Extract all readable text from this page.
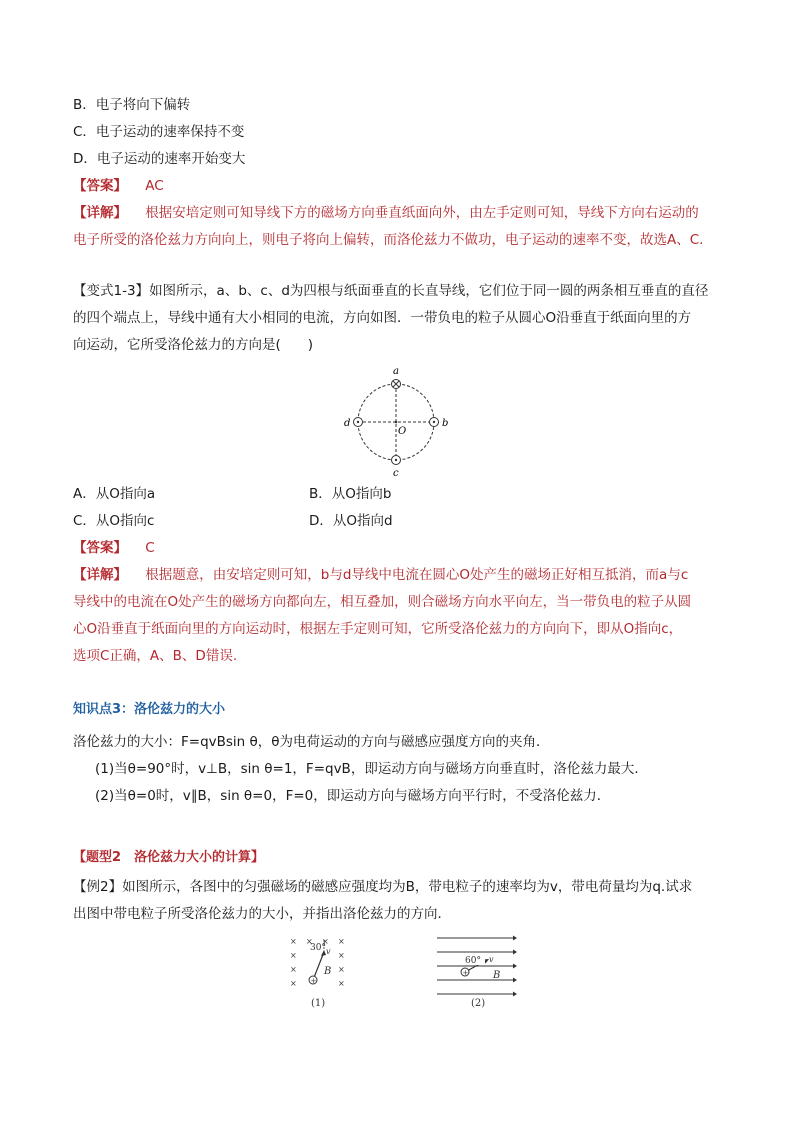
B．电子将向下偏转
C．电子运动的速率保持不变
D．电子运动的速率开始变大
【答案】 AC
【详解】 根据安培定则可知导线下方的磁场方向垂直纸面向外，由左手定则可知，导线下方向右运动的
电子所受的洛伦兹力方向向上，则电子将向上偏转，而洛伦兹力不做功，电子运动的速率不变，故选A、C.
【变式1-3】如图所示，a、b、c、d为四根与纸面垂直的长直导线，它们位于同一圆的两条相互垂直的直径
的四个端点上，导线中通有大小相同的电流，方向如图．一带负电的粒子从圆心O沿垂直于纸面向里的方
向运动，它所受洛伦兹力的方向是(　　)
a
c
d	b
O
A．从O指向a	B．从O指向b
C．从O指向c	D．从O指向d
【答案】 C
【详解】 根据题意，由安培定则可知，b与d导线中电流在圆心O处产生的磁场正好相互抵消，而a与c
导线中的电流在O处产生的磁场方向都向左，相互叠加，则合磁场方向水平向左，当一带负电的粒子从圆
心O沿垂直于纸面向里的方向运动时，根据左手定则可知，它所受洛伦兹力的方向向下，即从O指向c，
选项C正确，A、B、D错误.
知识点3：洛伦兹力的大小
洛伦兹力的大小：F=qvBsin θ，θ为电荷运动的方向与磁感应强度方向的夹角．
(1)当θ=90°时，v⊥B，sin θ=1，F=qvB，即运动方向与磁场方向垂直时，洛伦兹力最大．
(2)当θ=0时，v∥B，sin θ=0，F=0，即运动方向与磁场方向平行时，不受洛伦兹力．
【题型2　洛伦兹力大小的计算】
【例2】如图所示，各图中的匀强磁场的磁感应强度均为B，带电粒子的速率均为v，带电荷量均为q.试求
出图中带电粒子所受洛伦兹力的大小，并指出洛伦兹力的方向．
× × × ×
×	×
×	×
×	×
+
30° v
B
(1)
+
60° v
B
(2)
